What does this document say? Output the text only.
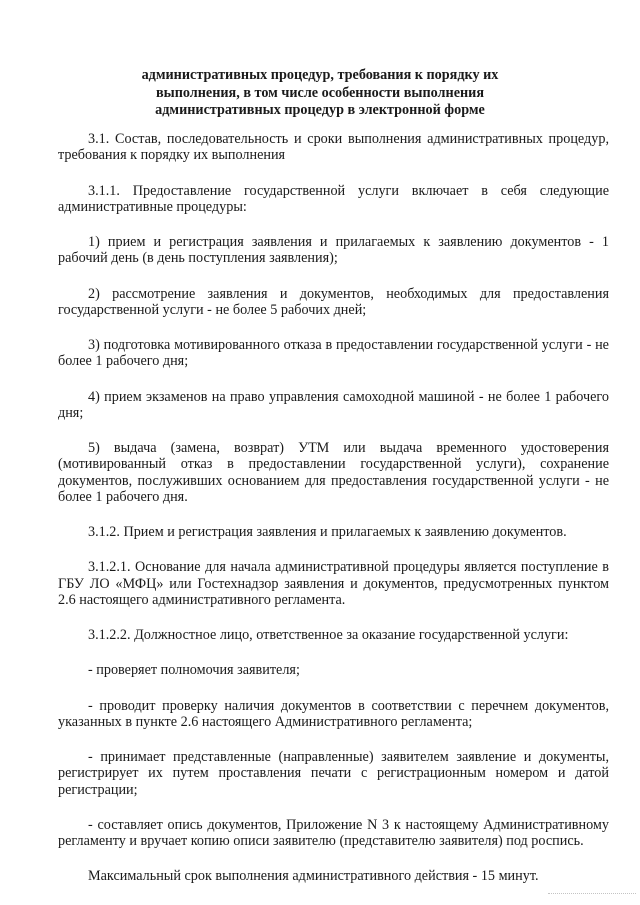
административных процедур, требования к порядку их
выполнения, в том числе особенности выполнения
административных процедур в электронной форме

3.1. Состав, последовательность и сроки выполнения административных процедур, требования к порядку их выполнения

3.1.1. Предоставление государственной услуги включает в себя следующие административные процедуры:

1) прием и регистрация заявления и прилагаемых к заявлению документов - 1 рабочий день (в день поступления заявления);

2) рассмотрение заявления и документов, необходимых для предоставления государственной услуги - не более 5 рабочих дней;

3) подготовка мотивированного отказа в предоставлении государственной услуги - не более 1 рабочего дня;

4) прием экзаменов на право управления самоходной машиной - не более 1 рабочего дня;

5) выдача (замена, возврат) УТМ или выдача временного удостоверения (мотивированный отказ в предоставлении государственной услуги), сохранение документов, послуживших основанием для предоставления государственной услуги - не более 1 рабочего дня.

3.1.2. Прием и регистрация заявления и прилагаемых к заявлению документов.

3.1.2.1. Основание для начала административной процедуры является поступление в ГБУ ЛО «МФЦ» или Гостехнадзор заявления и документов, предусмотренных пунктом 2.6 настоящего административного регламента.

3.1.2.2. Должностное лицо, ответственное за оказание государственной услуги:

- проверяет полномочия заявителя;

- проводит проверку наличия документов в соответствии с перечнем документов, указанных в пункте 2.6 настоящего Административного регламента;

- принимает представленные (направленные) заявителем заявление и документы, регистрирует их путем проставления печати с регистрационным номером и датой регистрации;

- составляет опись документов, Приложение N 3 к настоящему Административному регламенту и вручает копию описи заявителю (представителю заявителя) под роспись.

Максимальный срок выполнения административного действия - 15 минут.
